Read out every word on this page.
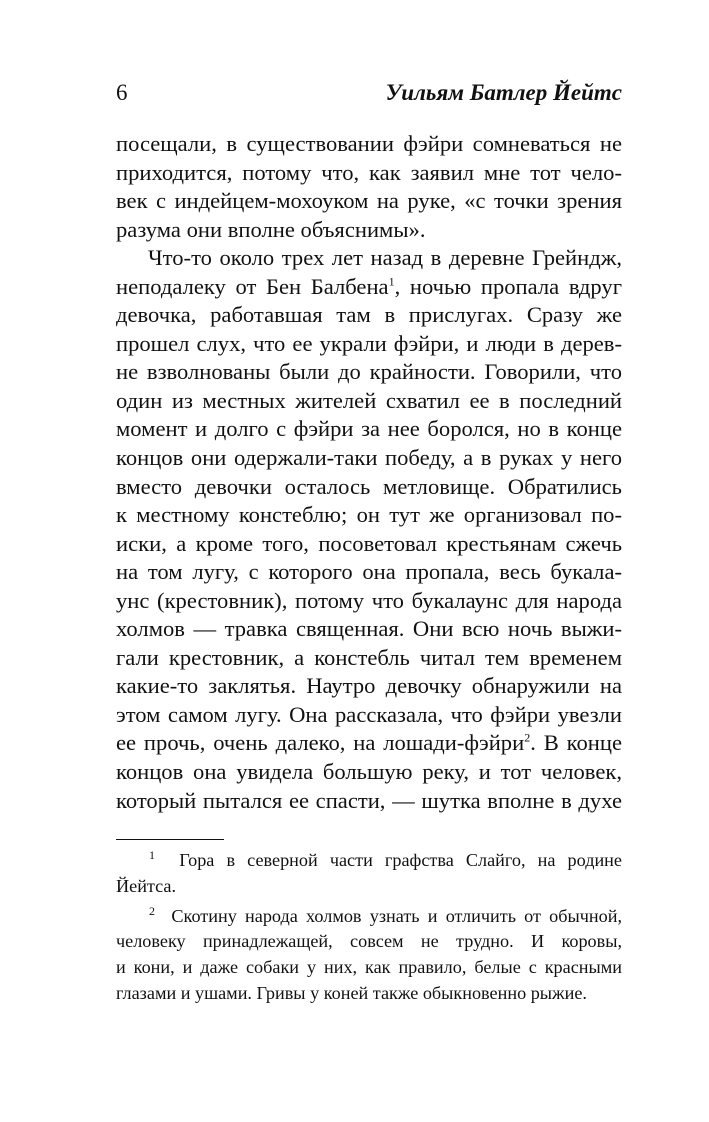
6	Уильям Батлер Йейтс
посещали, в существовании фэйри сомневаться не
приходится, потому что, как заявил мне тот чело-
век с индейцем-мохоуком на руке, «с точки зрения
разума они вполне объяснимы».
Что-то около трех лет назад в деревне Грейндж,
неподалеку от Бен Балбена$^1$, ночью пропала вдруг
девочка, работавшая там в прислугах. Сразу же
прошел слух, что ее украли фэйри, и люди в дерев-
не взволнованы были до крайности. Говорили, что
один из местных жителей схватил ее в последний
момент и долго с фэйри за нее боролся, но в конце
концов они одержали-таки победу, а в руках у него
вместо девочки осталось метловище. Обратились
к местному констеблю; он тут же организовал по-
иски, а кроме того, посоветовал крестьянам сжечь
на том лугу, с которого она пропала, весь букала-
унс (крестовник), потому что букалаунс для народа
холмов — травка священная. Они всю ночь выжи-
гали крестовник, а констебль читал тем временем
какие-то заклятья. Наутро девочку обнаружили на
этом самом лугу. Она рассказала, что фэйри увезли
ее прочь, очень далеко, на лошади-фэйри$^2$. В конце
концов она увидела большую реку, и тот человек,
который пытался ее спасти, — шутка вполне в духе
$^1$ Гора в северной части графства Слайго, на родине
Йейтса.
$^2$ Скотину народа холмов узнать и отличить от обычной,
человеку принадлежащей, совсем не трудно. И коровы,
и кони, и даже собаки у них, как правило, белые с красными
глазами и ушами. Гривы у коней также обыкновенно рыжие.
